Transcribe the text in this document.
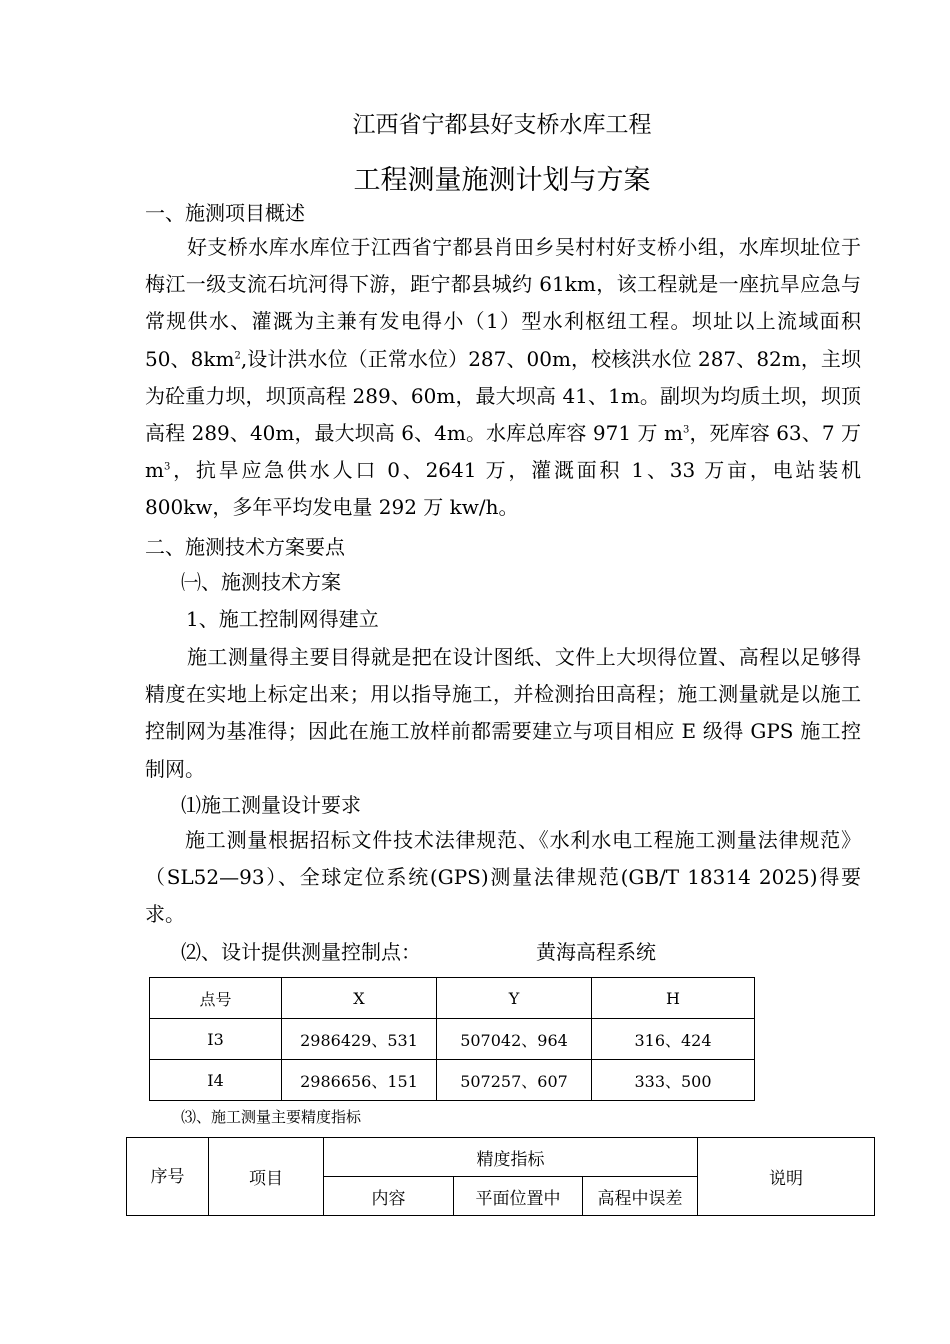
江西省宁都县好支桥水库工程
工程测量施测计划与方案
一、施测项目概述
好支桥水库水库位于江西省宁都县肖田乡吴村村好支桥小组，水库坝址位于梅江一级支流石坑河得下游，距宁都县城约 61km，该工程就是一座抗旱应急与常规供水、灌溉为主兼有发电得小（1）型水利枢纽工程。坝址以上流域面积 50、$8km^2$,设计洪水位（正常水位）287、00m，校核洪水位 287、82m，主坝为砼重力坝，坝顶高程 289、60m，最大坝高 41、1m。副坝为均质土坝，坝顶高程 289、40m，最大坝高 6、4m。水库总库容 971 万 $m^3$，死库容 63、7 万 $m^3$，抗旱应急供水人口 0、2641 万，灌溉面积 1、33 万亩，电站装机 800kw，多年平均发电量 292 万 kw/h。
二、施测技术方案要点
㈠、施测技术方案
1、施工控制网得建立
施工测量得主要目得就是把在设计图纸、文件上大坝得位置、高程以足够得精度在实地上标定出来；用以指导施工，并检测抬田高程；施工测量就是以施工控制网为基准得；因此在施工放样前都需要建立与项目相应 E 级得 GPS 施工控制网。
⑴施工测量设计要求
施工测量根据招标文件技术法律规范、《水利水电工程施工测量法律规范》（SL52—93）、全球定位系统(GPS)测量法律规范(GB/T 18314 2025)得要求。
⑵、设计提供测量控制点：	黄海高程系统
点号	X	Y	H
I3	2986429、531	507042、964	316、424
I4	2986656、151	507257、607	333、500
⑶、施工测量主要精度指标
序号	项目	精度指标			说明
		内容	平面位置中	高程中误差	
